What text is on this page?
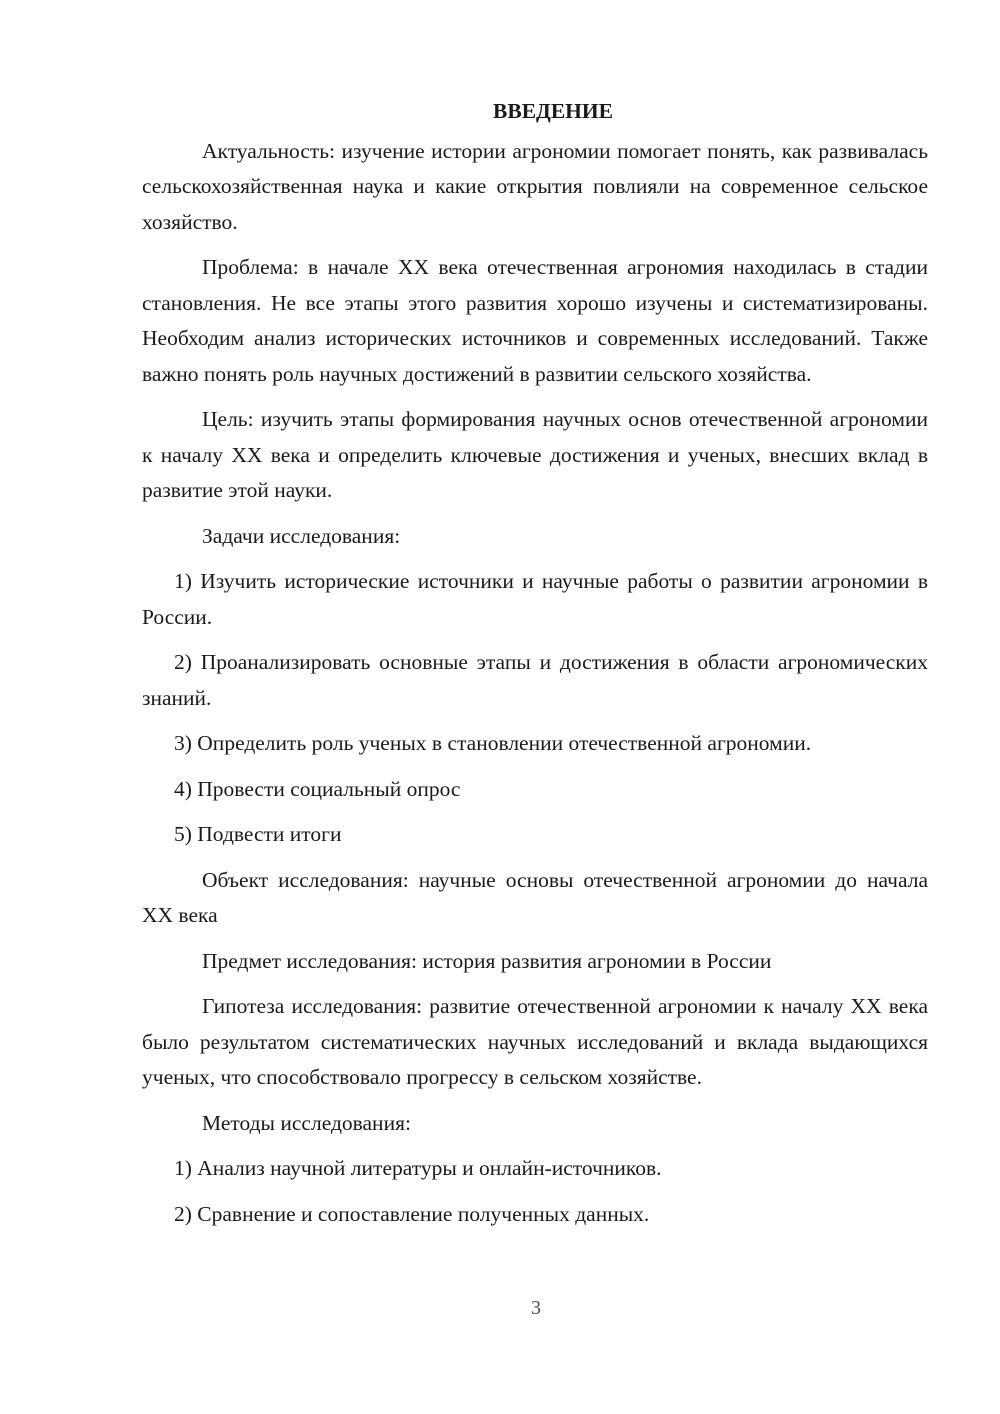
ВВЕДЕНИЕ

Актуальность: изучение истории агрономии помогает понять, как развивалась сельскохозяйственная наука и какие открытия повлияли на современное сельское хозяйство.

Проблема: в начале XX века отечественная агрономия находилась в стадии становления. Не все этапы этого развития хорошо изучены и систематизированы. Необходим анализ исторических источников и современных исследований. Также важно понять роль научных достижений в развитии сельского хозяйства.

Цель: изучить этапы формирования научных основ отечественной агрономии к началу XX века и определить ключевые достижения и ученых, внесших вклад в развитие этой науки.

Задачи исследования:

1) Изучить исторические источники и научные работы о развитии агрономии в России.

2) Проанализировать основные этапы и достижения в области агрономических знаний.

3) Определить роль ученых в становлении отечественной агрономии.

4) Провести социальный опрос

5) Подвести итоги

Объект исследования: научные основы отечественной агрономии до начала XX века

Предмет исследования: история развития агрономии в России

Гипотеза исследования: развитие отечественной агрономии к началу XX века было результатом систематических научных исследований и вклада выдающихся ученых, что способствовало прогрессу в сельском хозяйстве.

Методы исследования:

1) Анализ научной литературы и онлайн-источников.

2) Сравнение и сопоставление полученных данных.

3
